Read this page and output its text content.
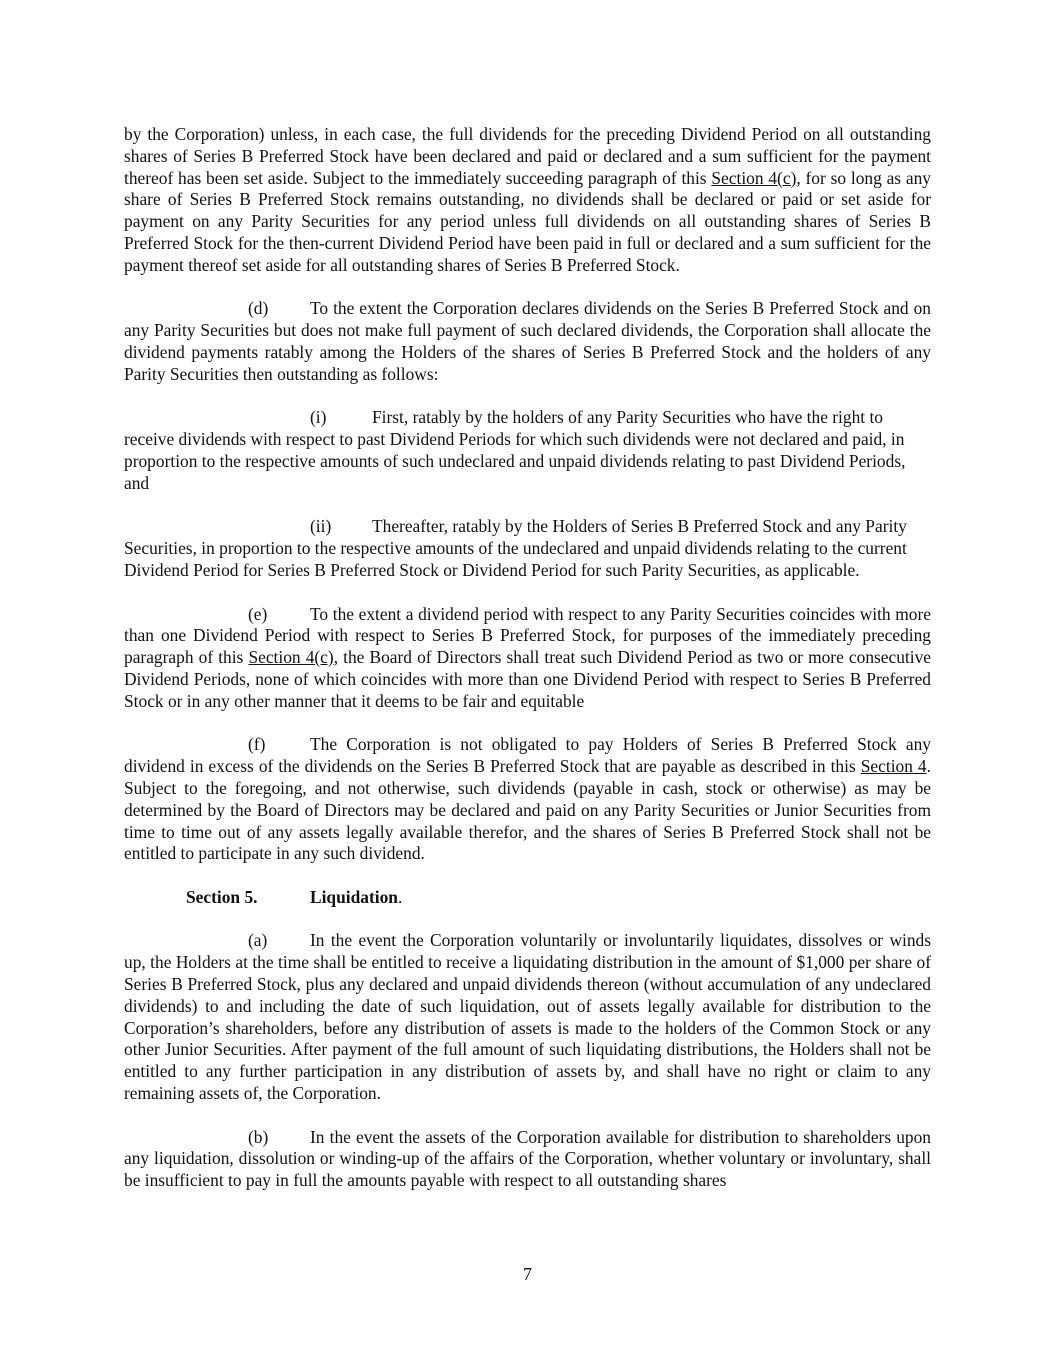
by the Corporation) unless, in each case, the full dividends for the preceding Dividend Period on all outstanding shares of Series B Preferred Stock have been declared and paid or declared and a sum sufficient for the payment thereof has been set aside. Subject to the immediately succeeding paragraph of this Section 4(c), for so long as any share of Series B Preferred Stock remains outstanding, no dividends shall be declared or paid or set aside for payment on any Parity Securities for any period unless full dividends on all outstanding shares of Series B Preferred Stock for the then-current Dividend Period have been paid in full or declared and a sum sufficient for the payment thereof set aside for all outstanding shares of Series B Preferred Stock.

(d) To the extent the Corporation declares dividends on the Series B Preferred Stock and on any Parity Securities but does not make full payment of such declared dividends, the Corporation shall allocate the dividend payments ratably among the Holders of the shares of Series B Preferred Stock and the holders of any Parity Securities then outstanding as follows:

(i)	First, ratably by the holders of any Parity Securities who have the right to receive dividends with respect to past Dividend Periods for which such dividends were not declared and paid, in proportion to the respective amounts of such undeclared and unpaid dividends relating to past Dividend Periods, and

(ii) Thereafter, ratably by the Holders of Series B Preferred Stock and any Parity Securities, in proportion to the respective amounts of the undeclared and unpaid dividends relating to the current Dividend Period for Series B Preferred Stock or Dividend Period for such Parity Securities, as applicable.

(e) To the extent a dividend period with respect to any Parity Securities coincides with more than one Dividend Period with respect to Series B Preferred Stock, for purposes of the immediately preceding paragraph of this Section 4(c), the Board of Directors shall treat such Dividend Period as two or more consecutive Dividend Periods, none of which coincides with more than one Dividend Period with respect to Series B Preferred Stock or in any other manner that it deems to be fair and equitable

(f)	The Corporation is not obligated to pay Holders of Series B Preferred Stock any dividend in excess of the dividends on the Series B Preferred Stock that are payable as described in this Section 4. Subject to the foregoing, and not otherwise, such dividends (payable in cash, stock or otherwise) as may be determined by the Board of Directors may be declared and paid on any Parity Securities or Junior Securities from time to time out of any assets legally available therefor, and the shares of Series B Preferred Stock shall not be entitled to participate in any such dividend.

Section 5.	Liquidation.

(a) In the event the Corporation voluntarily or involuntarily liquidates, dissolves or winds up, the Holders at the time shall be entitled to receive a liquidating distribution in the amount of $1,000 per share of Series B Preferred Stock, plus any declared and unpaid dividends thereon (without accumulation of any undeclared dividends) to and including the date of such liquidation, out of assets legally available for distribution to the Corporation’s shareholders, before any distribution of assets is made to the holders of the Common Stock or any other Junior Securities. After payment of the full amount of such liquidating distributions, the Holders shall not be entitled to any further participation in any distribution of assets by, and shall have no right or claim to any remaining assets of, the Corporation.

(b) In the event the assets of the Corporation available for distribution to shareholders upon any liquidation, dissolution or winding-up of the affairs of the Corporation, whether voluntary or involuntary, shall be insufficient to pay in full the amounts payable with respect to all outstanding shares

7
